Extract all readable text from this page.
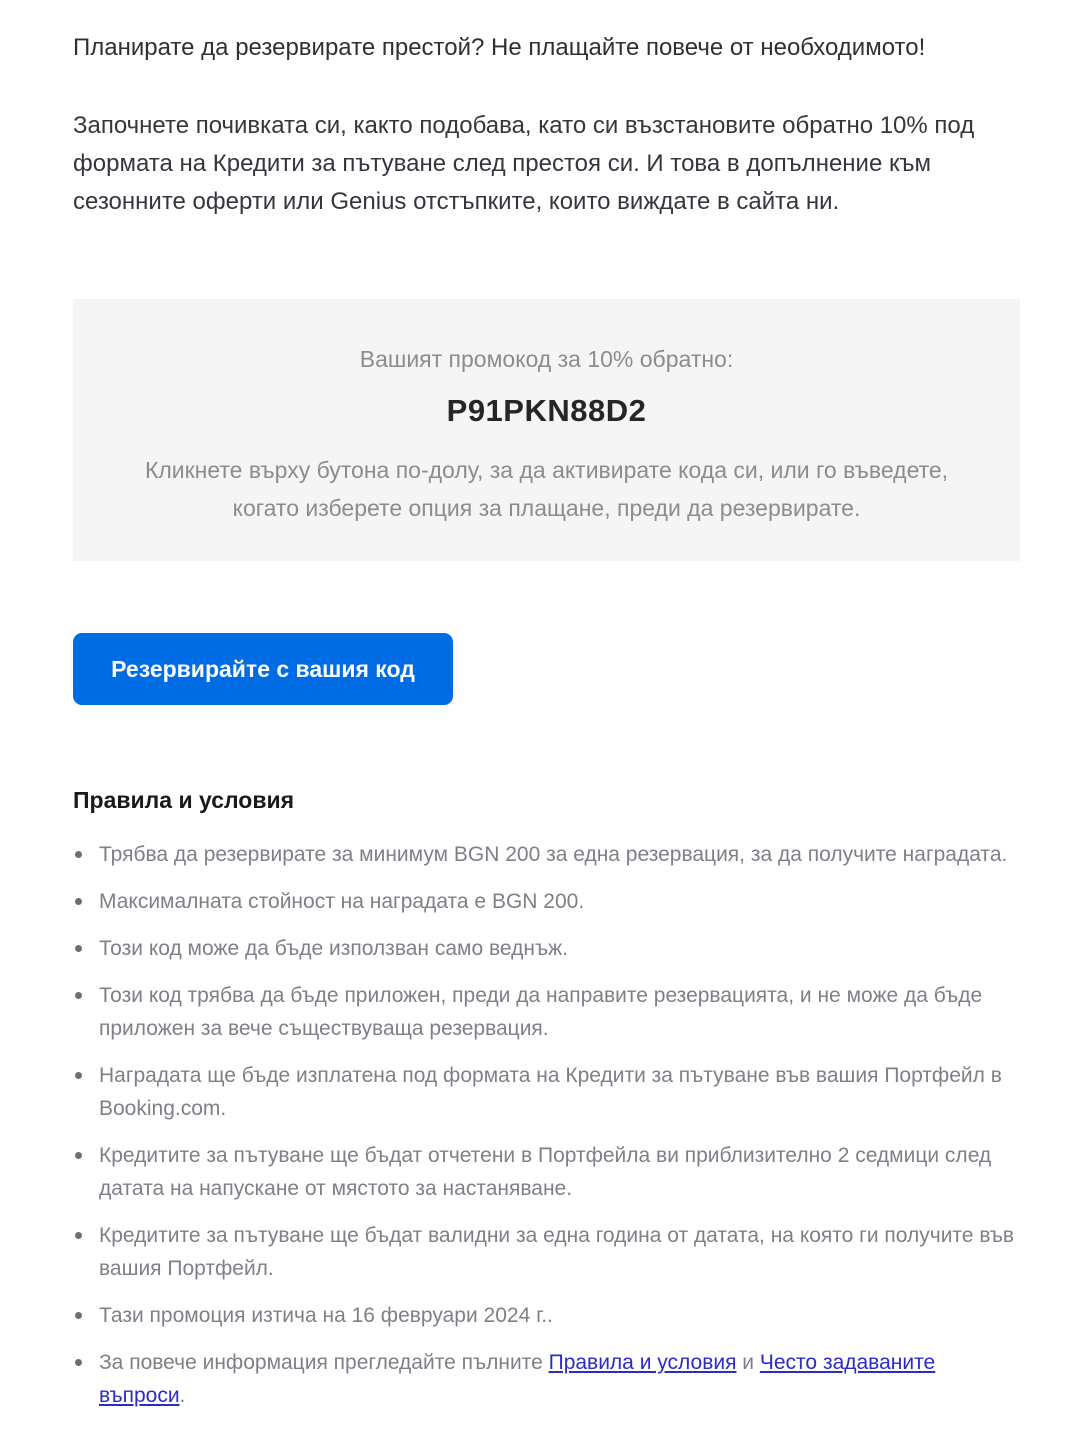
Планирате да резервирате престой? Не плащайте повече от необходимото!

Започнете почивката си, както подобава, като си възстановите обратно 10% под формата на Кредити за пътуване след престоя си. И това в допълнение към сезонните оферти или Genius отстъпките, които виждате в сайта ни.

Вашият промокод за 10% обратно:

P91PKN88D2

Кликнете върху бутона по-долу, за да активирате кода си, или го въведете, когато изберете опция за плащане, преди да резервирате.

Резервирайте с вашия код
Правила и условия
Трябва да резервирате за минимум BGN 200 за една резервация, за да получите наградата.
Максималната стойност на наградата е BGN 200.
Този код може да бъде използван само веднъж.
Този код трябва да бъде приложен, преди да направите резервацията, и не може да бъде приложен за вече съществуваща резервация.
Наградата ще бъде изплатена под формата на Кредити за пътуване във вашия Портфейл в Booking.com.
Кредитите за пътуване ще бъдат отчетени в Портфейла ви приблизително 2 седмици след датата на напускане от мястото за настаняване.
Кредитите за пътуване ще бъдат валидни за една година от датата, на която ги получите във вашия Портфейл.
Тази промоция изтича на 16 февруари 2024 г..
За повече информация прегледайте пълните Правила и условия и Често задаваните въпроси.
